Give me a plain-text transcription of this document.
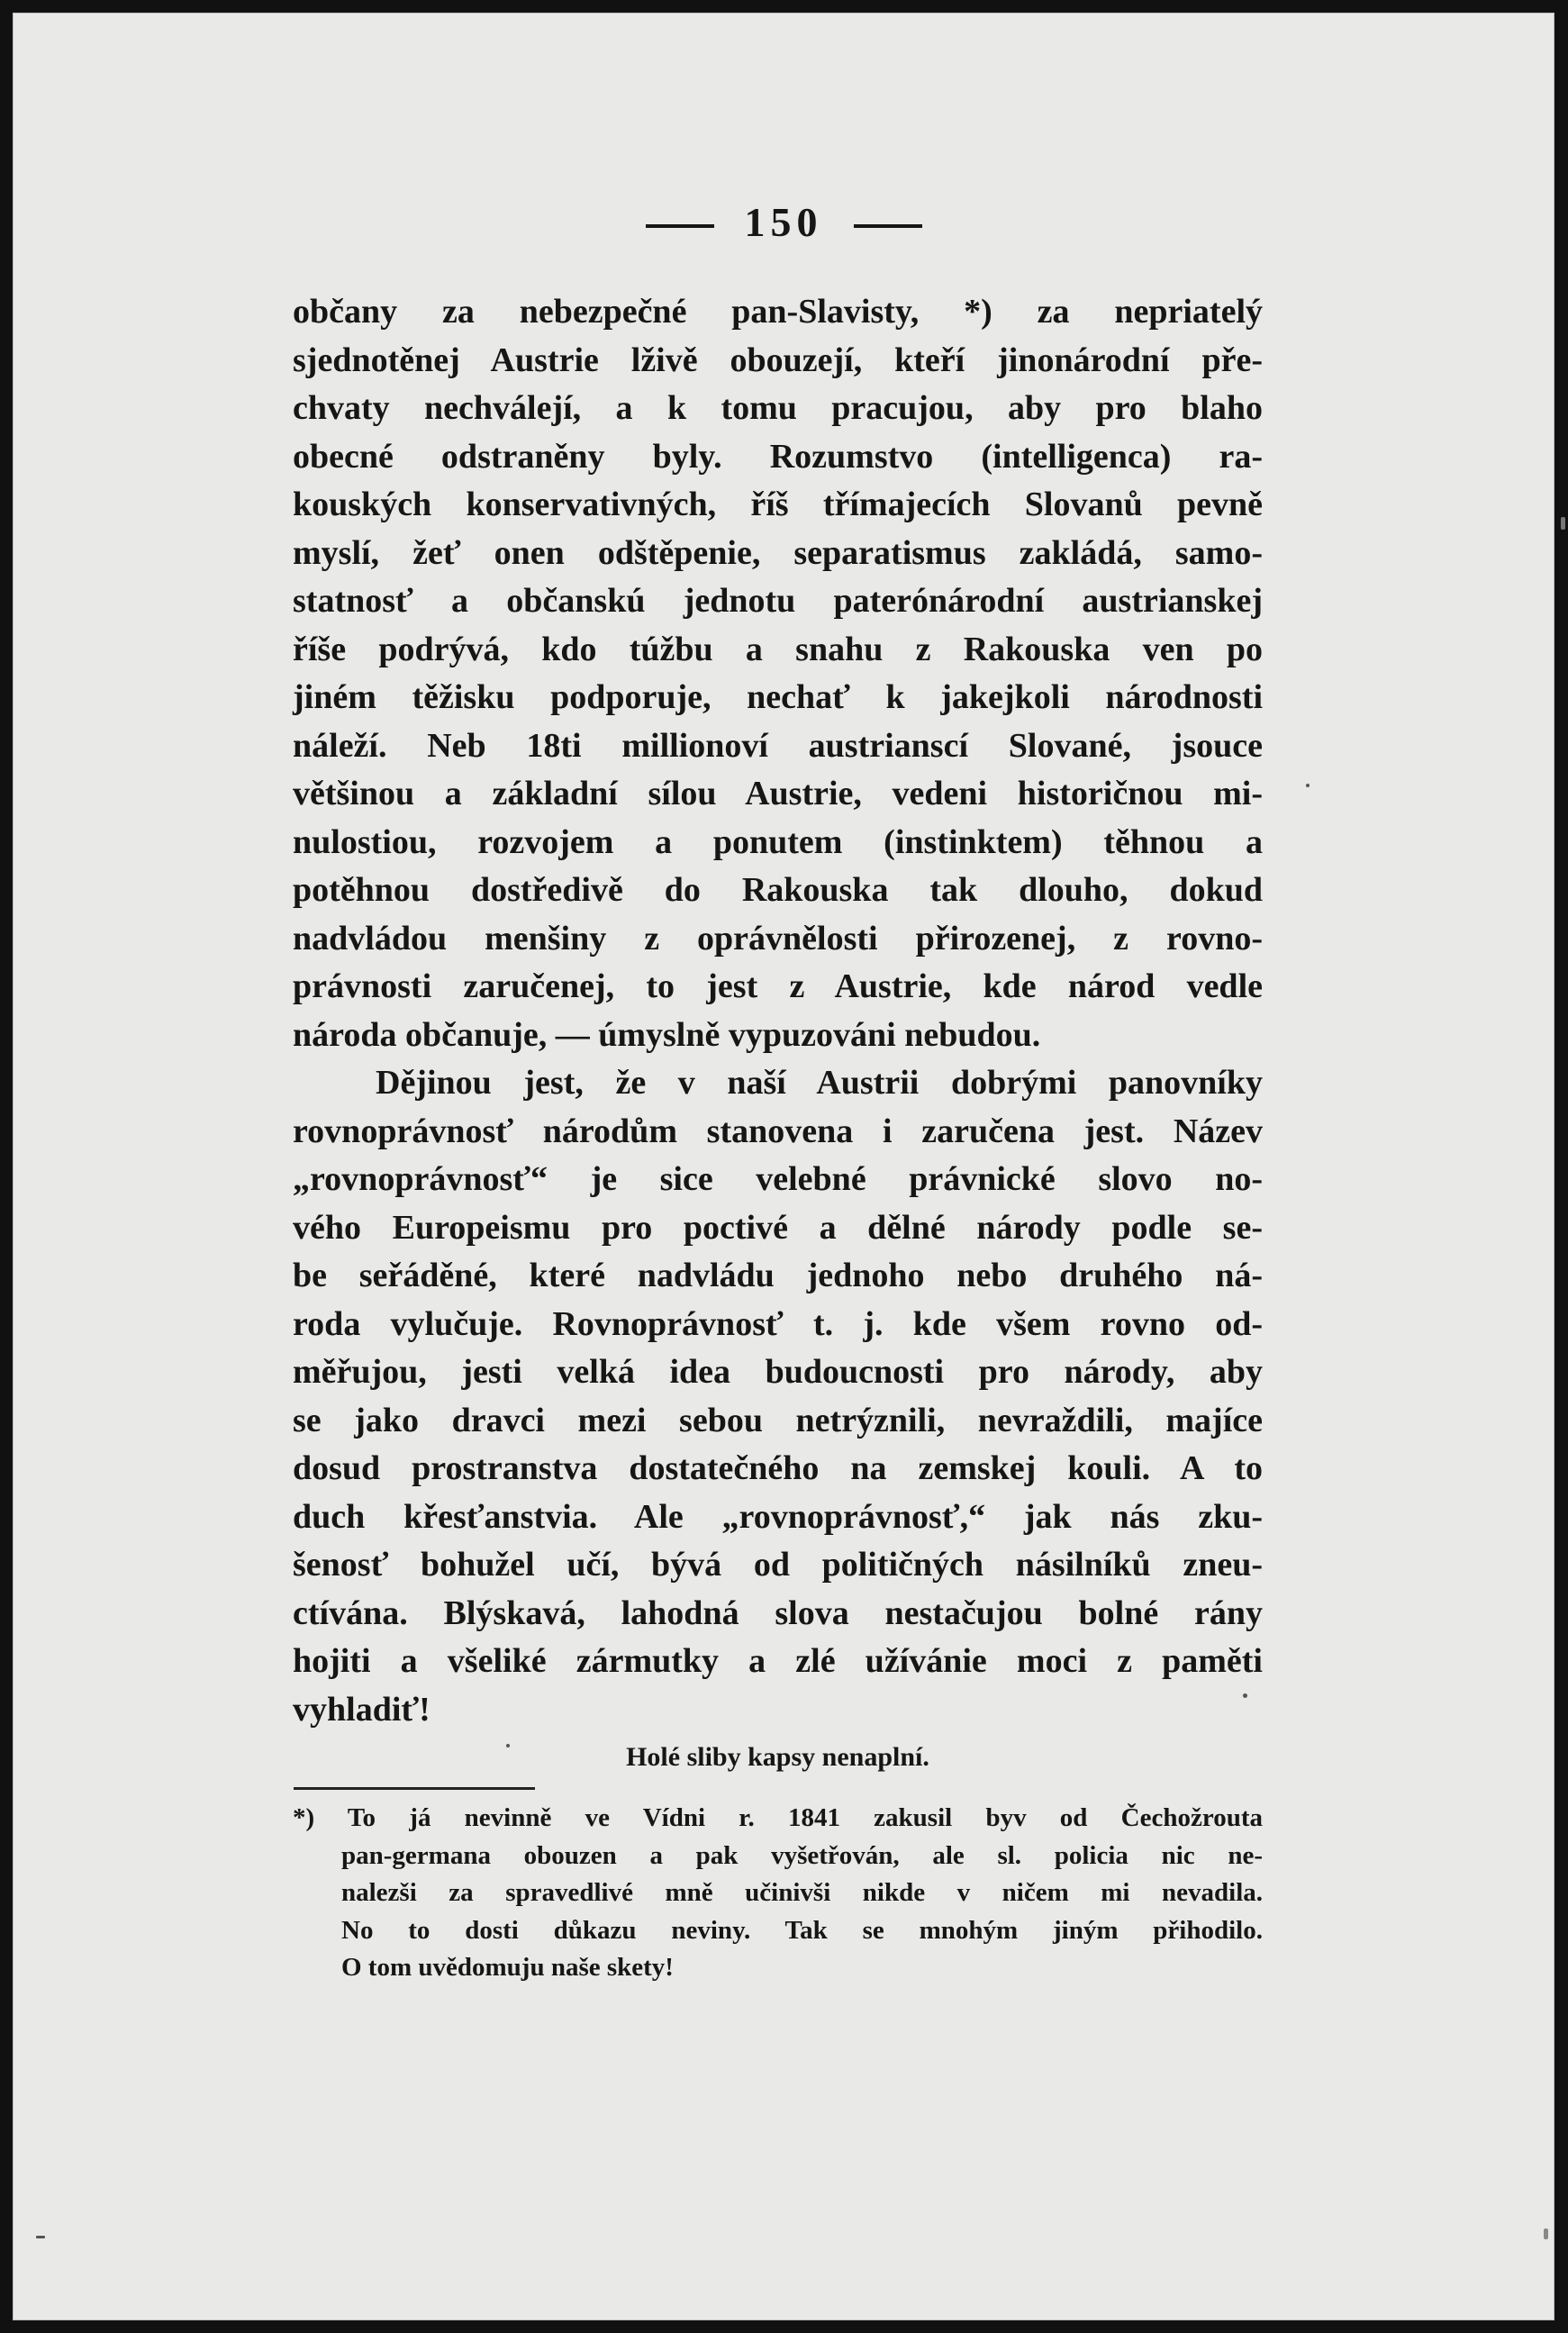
150

občany za nebezpečné pan-Slavisty, *) za nepriatelý
sjednotěnej Austrie lživě obouzejí, kteří jinonárodní pře-
chvaty nechválejí, a k tomu pracujou, aby pro blaho
obecné odstraněny byly. Rozumstvo (intelligenca) ra-
kouských konservativných, říš třímajecích Slovanů pevně
myslí, žeť onen odštěpenie, separatismus zakládá, samo-
statnosť a občanskú jednotu paterónárodní austrianskej
říše podrývá, kdo túžbu a snahu z Rakouska ven po
jiném těžisku podporuje, nechať k jakejkoli národnosti
náleží. Neb 18ti millionoví austrianscí Slované, jsouce
většinou a základní sílou Austrie, vedeni historičnou mi-
nulostiou, rozvojem a ponutem (instinktem) těhnou a
potěhnou dostředivě do Rakouska tak dlouho, dokud
nadvládou menšiny z oprávnělosti přirozenej, z rovno-
právnosti zaručenej, to jest z Austrie, kde národ vedle
národa občanuje, — úmyslně vypuzováni nebudou.

Dějinou jest, že v naší Austrii dobrými panovníky
rovnoprávnosť národům stanovena i zaručena jest. Název
„rovnoprávnosť“ je sice velebné právnické slovo no-
vého Europeismu pro poctivé a dělné národy podle se-
be seřáděné, které nadvládu jednoho nebo druhého ná-
roda vylučuje. Rovnoprávnosť t. j. kde všem rovno od-
měřujou, jesti velká idea budoucnosti pro národy, aby
se jako dravci mezi sebou netrýznili, nevraždili, majíce
dosud prostranstva dostatečného na zemskej kouli. A to
duch křesťanstvia. Ale „rovnoprávnosť,“ jak nás zku-
šenosť bohužel učí, bývá od političných násilníků zneu-
ctívána. Blýskavá, lahodná slova nestačujou bolné rány
hojiti a všeliké zármutky a zlé užívánie moci z paměti
vyhladiť!

Holé sliby kapsy nenaplní.
*) To já nevinně ve Vídni r. 1841 zakusil byv od Čechožrouta
pan-germana obouzen a pak vyšetřován, ale sl. policia nic ne-
nalezši za spravedlivé mně učinivši nikde v ničem mi nevadila.
No to dosti důkazu neviny. Tak se mnohým jiným přihodilo.
O tom uvědomuju naše skety!
